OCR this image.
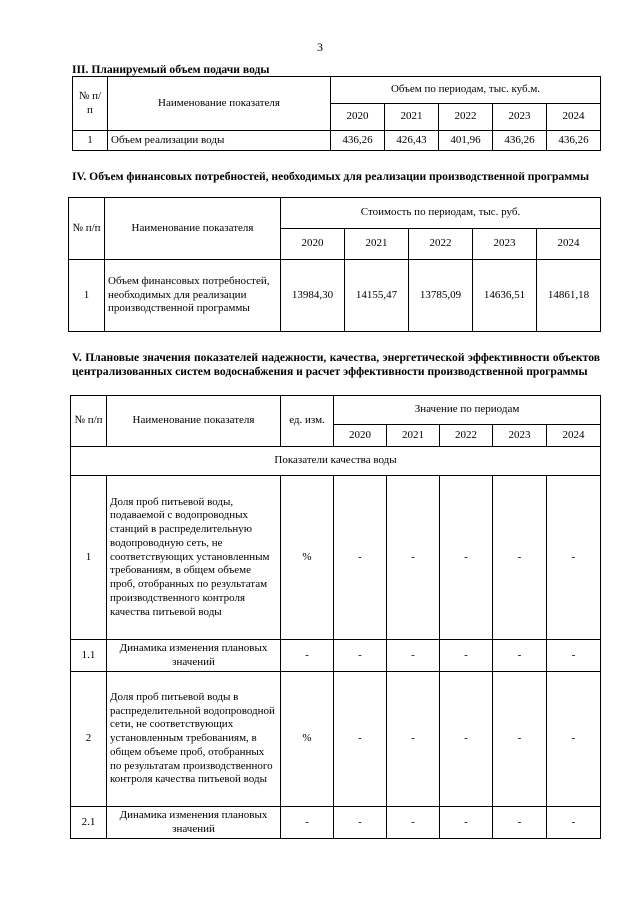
3
III. Планируемый объем подачи воды
№ п/п	Наименование показателя	Объем по периодам, тыс. куб.м.				
		2020	2021	2022	2023	2024
1	Объем реализации воды	436,26	426,43	401,96	436,26	436,26
IV. Объем финансовых потребностей, необходимых для реализации производственной программы
№ п/п	Наименование показателя	Стоимость по периодам, тыс. руб.				
		2020	2021	2022	2023	2024
1	Объем финансовых потребностей, необходимых для реализации производственной программы	13984,30	14155,47	13785,09	14636,51	14861,18
V. Плановые значения показателей надежности, качества, энергетической эффективности объектов централизованных систем водоснабжения и расчет эффективности производственной программы
№ п/п	Наименование показателя	ед. изм.	Значение по периодам				
			2020	2021	2022	2023	2024
Показатели качества воды							
1	Доля проб питьевой воды, подаваемой с водопроводных станций в распределительную водопроводную сеть, не соответствующих установленным требованиям, в общем объеме проб, отобранных по результатам производственного контроля качества питьевой воды	%	-	-	-	-	-
1.1	Динамика изменения плановых значений	-	-	-	-	-	-
2	Доля проб питьевой воды в распределительной водопроводной сети, не соответствующих установленным требованиям, в общем объеме проб, отобранных по результатам производственного контроля качества питьевой воды	%	-	-	-	-	-
2.1	Динамика изменения плановых значений	-	-	-	-	-	-
